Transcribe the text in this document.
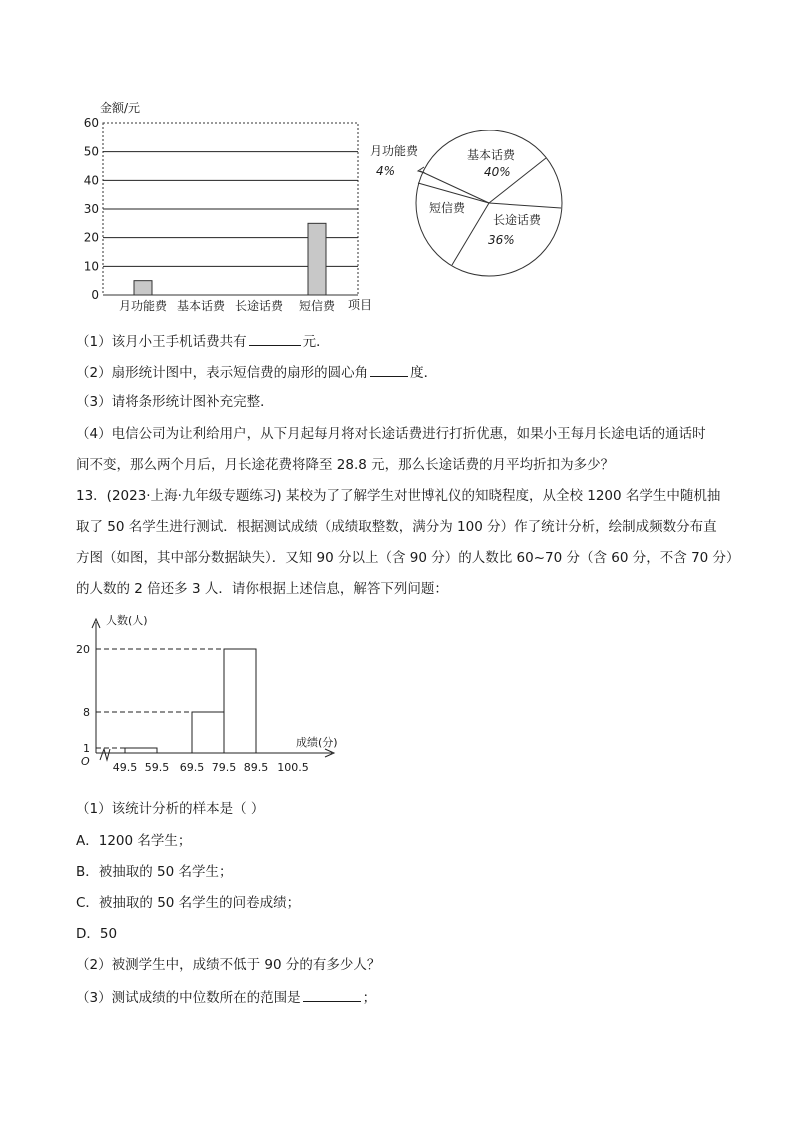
金额/元
0
10
20
30
40
50
60
月功能费 基本话费 长途话费 短信费 项目
月功能费
4%
基本话费
40%
长途话费
36%
短信费
（1）该月小王手机话费共有	元．
（2）扇形统计图中，表示短信费的扇形的圆心角	度．
（3）请将条形统计图补充完整．
（4）电信公司为让利给用户，从下月起每月将对长途话费进行打折优惠，如果小王每月长途电话的通话时
间不变，那么两个月后，月长途花费将降至 28.8 元，那么长途话费的月平均折扣为多少？
13．(2023·上海·九年级专题练习) 某校为了了解学生对世博礼仪的知晓程度，从全校 1200 名学生中随机抽
取了 50 名学生进行测试．根据测试成绩（成绩取整数，满分为 100 分）作了统计分析，绘制成频数分布直
方图（如图，其中部分数据缺失）．又知 90 分以上（含 90 分）的人数比 60~70 分（含 60 分，不含 70 分）
的人数的 2 倍还多 3 人．请你根据上述信息，解答下列问题：
人数(人)
成绩(分)
O
1
8
20
49.5 59.5 69.5 79.5 89.5 100.5
（1）该统计分析的样本是（ ）
A．1200 名学生；
B．被抽取的 50 名学生；
C．被抽取的 50 名学生的问卷成绩；
D．50
（2）被测学生中，成绩不低于 90 分的有多少人？
（3）测试成绩的中位数所在的范围是	；
